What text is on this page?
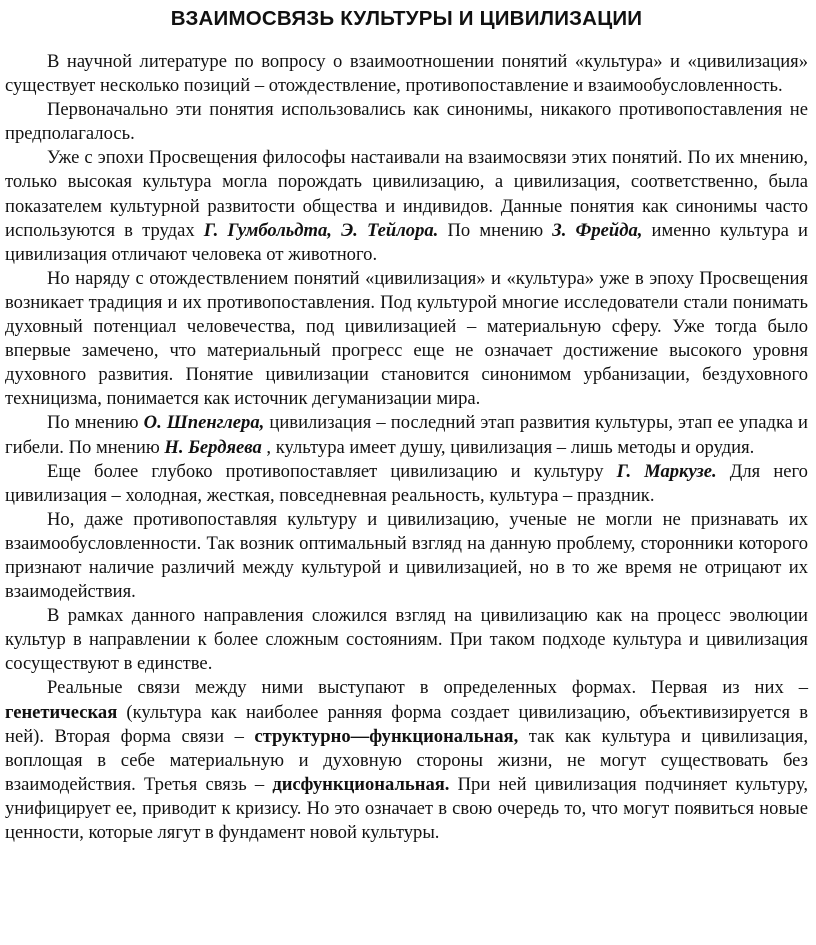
ВЗАИМОСВЯЗЬ КУЛЬТУРЫ И ЦИВИЛИЗАЦИИ

В научной литературе по вопросу о взаимоотношении понятий «культура» и «цивилизация» существует несколько позиций – отождествление, противопоставление и взаимообусловленность.

Первоначально эти понятия использовались как синонимы, никакого противопоставления не предполагалось.

Уже с эпохи Просвещения философы настаивали на взаимосвязи этих понятий. По их мнению, только высокая культура могла порождать цивилизацию, а цивилизация, соответственно, была показателем культурной развитости общества и индивидов. Данные понятия как синонимы часто используются в трудах Г. Гумбольдта, Э. Тейлора. По мнению З. Фрейда, именно культура и цивилизация отличают человека от животного.

Но наряду с отождествлением понятий «цивилизация» и «культура» уже в эпоху Просвещения возникает традиция и их противопоставления. Под культурой многие исследователи стали понимать духовный потенциал человечества, под цивилизацией – материальную сферу. Уже тогда было впервые замечено, что материальный прогресс еще не означает достижение высокого уровня духовного развития. Понятие цивилизации становится синонимом урбанизации, бездуховного техницизма, понимается как источник дегуманизации мира.

По мнению О. Шпенглера, цивилизация – последний этап развития культуры, этап ее упадка и гибели. По мнению Н. Бердяева , культура имеет душу, цивилизация – лишь методы и орудия.

Еще более глубоко противопоставляет цивилизацию и культуру Г. Маркузе. Для него цивилизация – холодная, жесткая, повседневная реальность, культура – праздник.

Но, даже противопоставляя культуру и цивилизацию, ученые не могли не признавать их взаимообусловленности. Так возник оптимальный взгляд на данную проблему, сторонники которого признают наличие различий между культурой и цивилизацией, но в то же время не отрицают их взаимодействия.

В рамках данного направления сложился взгляд на цивилизацию как на процесс эволюции культур в направлении к более сложным состояниям. При таком подходе культура и цивилизация сосуществуют в единстве.

Реальные связи между ними выступают в определенных формах. Первая из них – генетическая (культура как наиболее ранняя форма создает цивилизацию, объективизируется в ней). Вторая форма связи – структурно—функциональная, так как культура и цивилизация, воплощая в себе материальную и духовную стороны жизни, не могут существовать без взаимодействия. Третья связь – дисфункциональная. При ней цивилизация подчиняет культуру, унифицирует ее, приводит к кризису. Но это означает в свою очередь то, что могут появиться новые ценности, которые лягут в фундамент новой культуры.
